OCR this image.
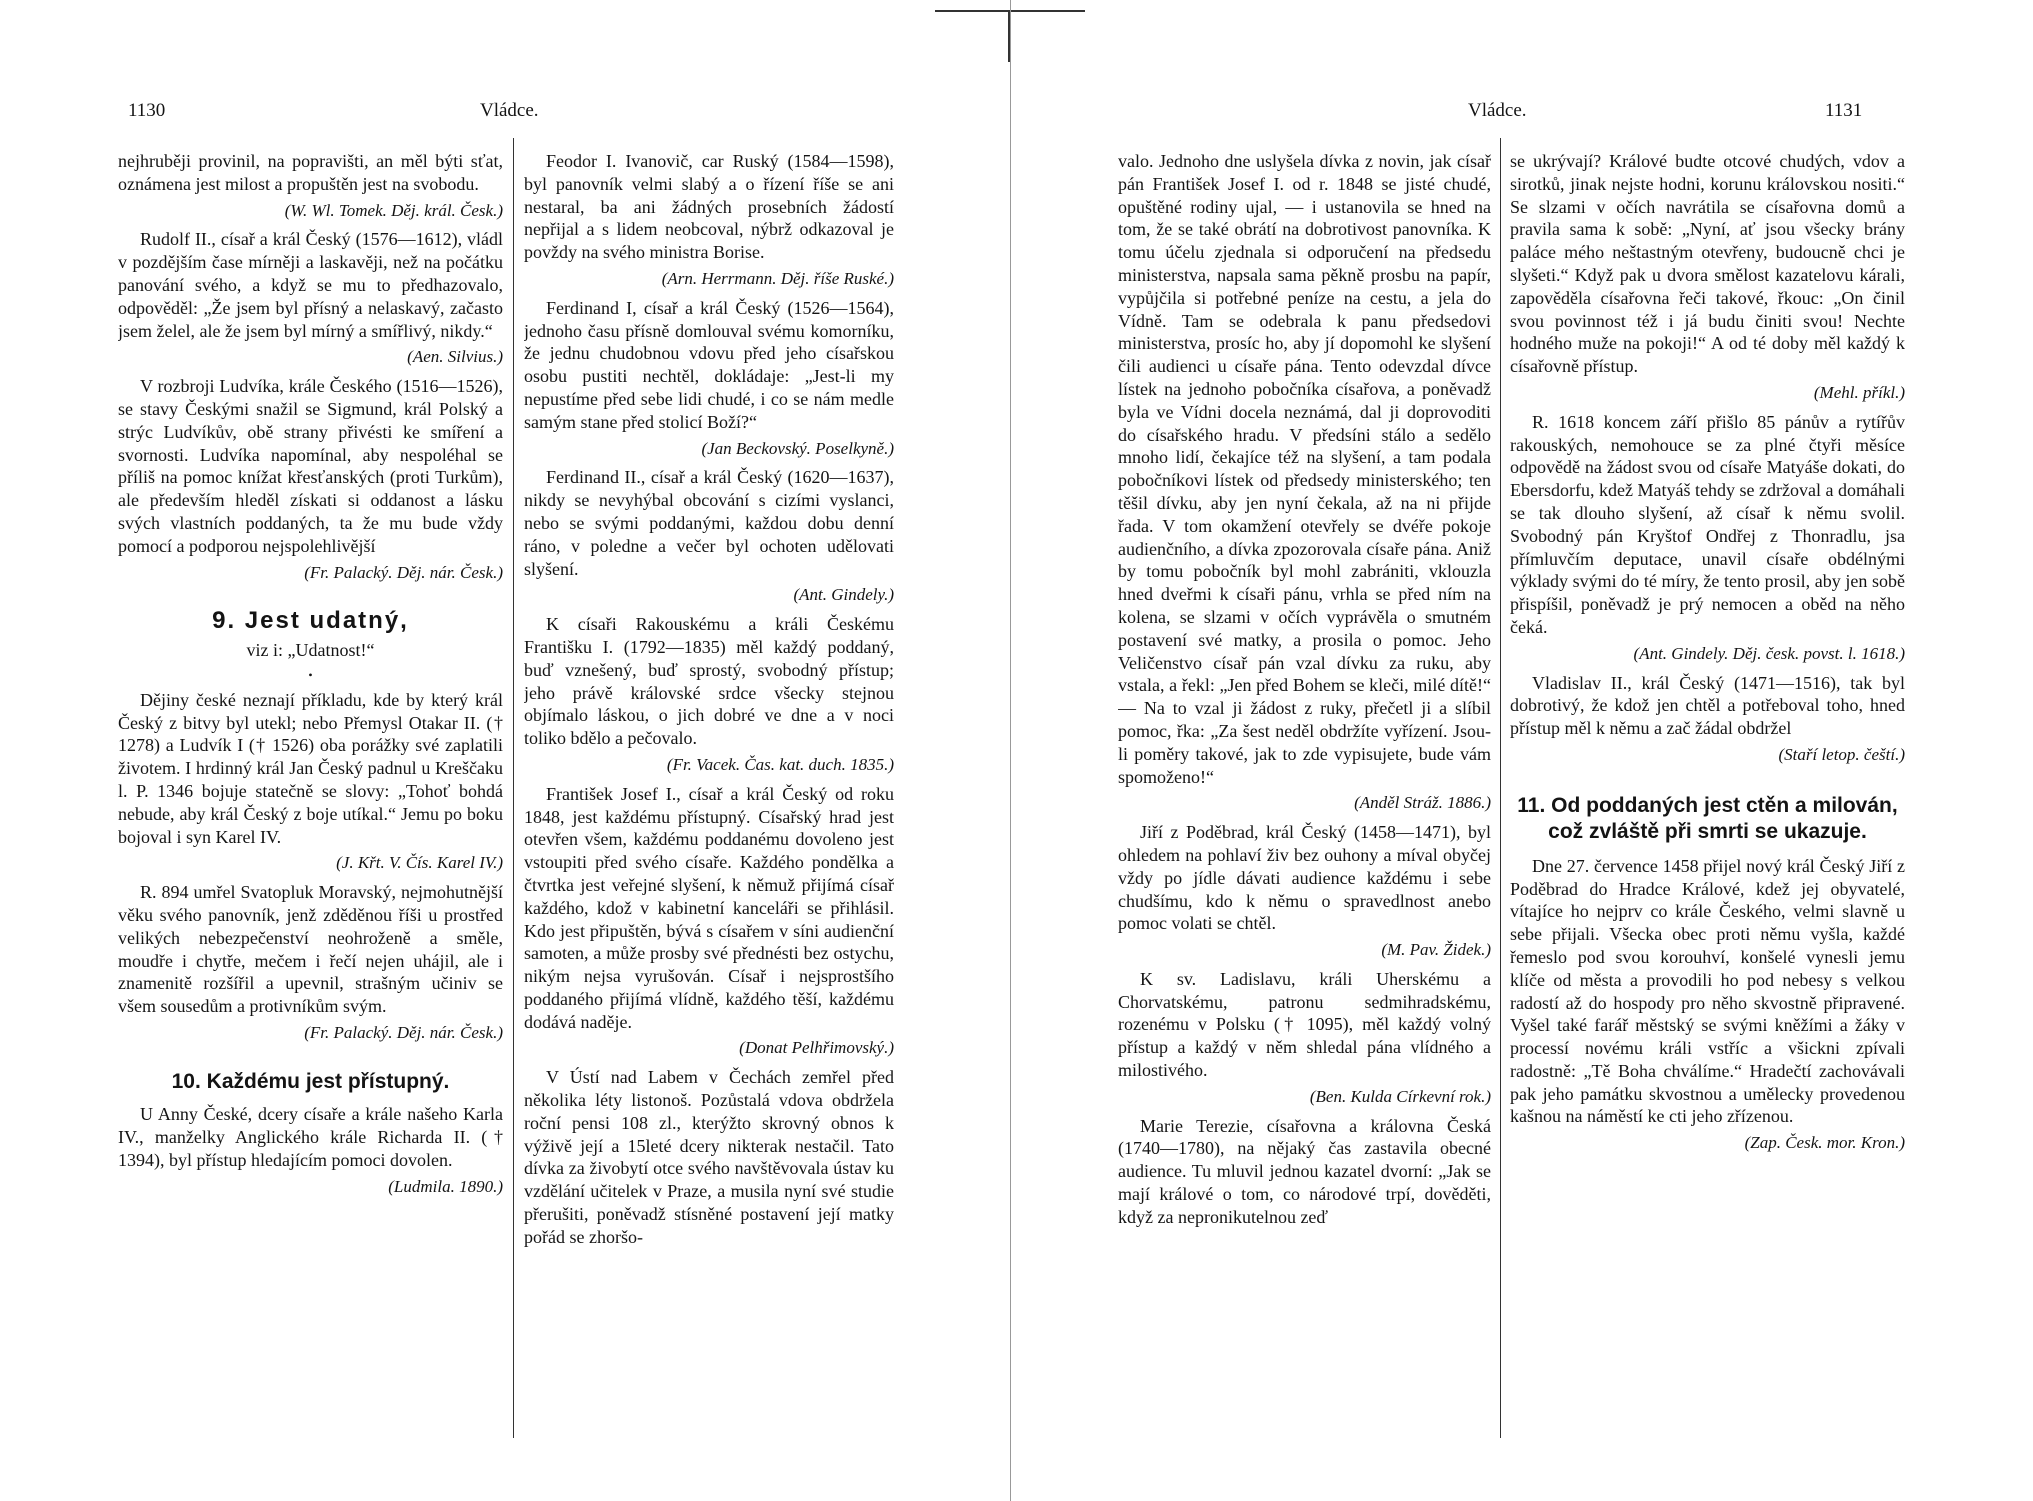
1130	Vládce.	Vládce.	1131

nejhruběji provinil, na popravišti, an měl býti sťat, oznámena jest milost a propuštěn jest na svobodu.

(W. Wl. Tomek. Děj. král. Česk.)

Rudolf II., císař a král Český (1576—1612), vládl v pozdějším čase mírněji a laskavěji, než na počátku panování svého, a když se mu to předhazovalo, odpověděl: „Že jsem byl přísný a nelaskavý, začasto jsem želel, ale že jsem byl mírný a smířlivý, nikdy.“

(Aen. Silvius.)

V rozbroji Ludvíka, krále Českého (1516—1526), se stavy Českými snažil se Sigmund, král Polský a strýc Ludvíkův, obě strany přivésti ke smíření a svornosti. Ludvíka napomínal, aby nespoléhal se příliš na pomoc knížat křesťanských (proti Turkům), ale především hleděl získati si oddanost a lásku svých vlastních poddaných, ta že mu bude vždy pomocí a podporou nejspolehlivější

(Fr. Palacký. Děj. nár. Česk.)

9. Jest udatný,

viz i: „Udatnost!“

•

Dějiny české neznají příkladu, kde by který král Český z bitvy byl utekl; nebo Přemysl Otakar II. († 1278) a Ludvík I († 1526) oba porážky své zaplatili životem. I hrdinný král Jan Český padnul u Kreščaku l. P. 1346 bojuje statečně se slovy: „Tohoť bohdá nebude, aby král Český z boje utíkal.“ Jemu po boku bojoval i syn Karel IV.

(J. Křt. V. Čís. Karel IV.)

R. 894 umřel Svatopluk Moravský, nejmohutnější věku svého panovník, jenž zděděnou říši u prostřed velikých nebezpečenství neohroženě a směle, moudře i chytře, mečem i řečí nejen uhájil, ale i znamenitě rozšířil a upevnil, strašným učiniv se všem sousedům a protivníkům svým.

(Fr. Palacký. Děj. nár. Česk.)

10. Každému jest přístupný.

U Anny České, dcery císaře a krále našeho Karla IV., manželky Anglického krále Richarda II. († 1394), byl přístup hledajícím pomoci dovolen.

(Ludmila. 1890.)

Feodor I. Ivanovič, car Ruský (1584—1598), byl panovník velmi slabý a o řízení říše se ani nestaral, ba ani žádných prosebních žádostí nepřijal a s lidem neobcoval, nýbrž odkazoval je povždy na svého ministra Borise.

(Arn. Herrmann. Děj. říše Ruské.)

Ferdinand I, císař a král Český (1526—1564), jednoho času přísně domlouval svému komorníku, že jednu chudobnou vdovu před jeho císařskou osobu pustiti nechtěl, dokládaje: „Jest-li my nepustíme před sebe lidi chudé, i co se nám medle samým stane před stolicí Boží?“

(Jan Beckovský. Poselkyně.)

Ferdinand II., císař a král Český (1620—1637), nikdy se nevyhýbal obcování s cizími vyslanci, nebo se svými poddanými, každou dobu denní ráno, v poledne a večer byl ochoten udělovati slyšení.

(Ant. Gindely.)

K císaři Rakouskému a králi Českému Františku I. (1792—1835) měl každý poddaný, buď vznešený, buď sprostý, svobodný přístup; jeho právě královské srdce všecky stejnou objímalo láskou, o jich dobré ve dne a v noci toliko bdělo a pečovalo.

(Fr. Vacek. Čas. kat. duch. 1835.)

František Josef I., císař a král Český od roku 1848, jest každému přístupný. Císařský hrad jest otevřen všem, každému poddanému dovoleno jest vstoupiti před svého císaře. Každého pondělka a čtvrtka jest veřejné slyšení, k němuž přijímá císař každého, kdož v kabinetní kanceláři se přihlásil. Kdo jest připuštěn, bývá s císařem v síni audienční samoten, a může prosby své přednésti bez ostychu, nikým nejsa vyrušován. Císař i nejsprostšího poddaného přijímá vlídně, každého těší, každému dodává naděje.

(Donat Pelhřimovský.)

V Ústí nad Labem v Čechách zemřel před několika léty listonoš. Pozůstalá vdova obdržela roční pensi 108 zl., kterýžto skrovný obnos k výživě její a 15leté dcery nikterak nestačil. Tato dívka za živobytí otce svého navštěvovala ústav ku vzdělání učitelek v Praze, a musila nyní své studie přerušiti, poněvadž stísněné postavení její matky pořád se zhoršo-

valo. Jednoho dne uslyšela dívka z novin, jak císař pán František Josef I. od r. 1848 se jisté chudé, opuštěné rodiny ujal, — i ustanovila se hned na tom, že se také obrátí na dobrotivost panovníka. K tomu účelu zjednala si odporučení na předsedu ministerstva, napsala sama pěkně prosbu na papír, vypůjčila si potřebné peníze na cestu, a jela do Vídně. Tam se odebrala k panu předsedovi ministerstva, prosíc ho, aby jí dopomohl ke slyšení čili audienci u císaře pána. Tento odevzdal dívce lístek na jednoho pobočníka císařova, a poněvadž byla ve Vídni docela neznámá, dal ji doprovoditi do císařského hradu. V předsíni stálo a sedělo mnoho lidí, čekajíce též na slyšení, a tam podala pobočníkovi lístek od předsedy ministerského; ten těšil dívku, aby jen nyní čekala, až na ni přijde řada. V tom okamžení otevřely se dvéře pokoje audienčního, a dívka zpozorovala císaře pána. Aniž by tomu pobočník byl mohl zabrániti, vklouzla hned dveřmi k císaři pánu, vrhla se před ním na kolena, se slzami v očích vyprávěla o smutném postavení své matky, a prosila o pomoc. Jeho Veličenstvo císař pán vzal dívku za ruku, aby vstala, a řekl: „Jen před Bohem se kleči, milé dítě!“ — Na to vzal ji žádost z ruky, přečetl ji a slíbil pomoc, řka: „Za šest neděl obdržíte vyřízení. Jsou-li poměry takové, jak to zde vypisujete, bude vám spomoženo!“

(Anděl Stráž. 1886.)

Jiří z Poděbrad, král Český (1458—1471), byl ohledem na pohlaví živ bez ouhony a míval obyčej vždy po jídle dávati audience každému i sebe chudšímu, kdo k němu o spravedlnost anebo pomoc volati se chtěl.

(M. Pav. Židek.)

K sv. Ladislavu, králi Uherskému a Chorvatskému, patronu sedmihradskému, rozenému v Polsku († 1095), měl každý volný přístup a každý v něm shledal pána vlídného a milostivého.

(Ben. Kulda Církevní rok.)

Marie Terezie, císařovna a královna Česká (1740—1780), na nějaký čas zastavila obecné audience. Tu mluvil jednou kazatel dvorní: „Jak se mají králové o tom, co národové trpí, dověděti, když za nepronikutelnou zeď

se ukrývají? Králové budte otcové chudých, vdov a sirotků, jinak nejste hodni, korunu královskou nositi.“ Se slzami v očích navrátila se císařovna domů a pravila sama k sobě: „Nyní, ať jsou všecky brány paláce mého neštastným otevřeny, budoucně chci je slyšeti.“ Když pak u dvora smělost kazatelovu kárali, zapověděla císařovna řeči takové, řkouc: „On činil svou povinnost též i já budu činiti svou! Nechte hodného muže na pokoji!“ A od té doby měl každý k císařovně přístup.

(Mehl. příkl.)

R. 1618 koncem září přišlo 85 pánův a rytířův rakouských, nemohouce se za plné čtyři měsíce odpovědě na žádost svou od císaře Matyáše dokati, do Ebersdorfu, kdež Matyáš tehdy se zdržoval a domáhali se tak dlouho slyšení, až císař k němu svolil. Svobodný pán Kryštof Ondřej z Thonradlu, jsa přímluvčím deputace, unavil císaře obdélnými výklady svými do té míry, že tento prosil, aby jen sobě přispíšil, poněvadž je prý nemocen a oběd na něho čeká.

(Ant. Gindely. Děj. česk. povst. l. 1618.)

Vladislav II., král Český (1471—1516), tak byl dobrotivý, že kdož jen chtěl a potřeboval toho, hned přístup měl k němu a zač žádal obdržel

(Staří letop. čeští.)

11. Od poddaných jest ctěn a milován, což zvláště při smrti se ukazuje.

Dne 27. července 1458 přijel nový král Český Jiří z Poděbrad do Hradce Králové, kdež jej obyvatelé, vítajíce ho nejprv co krále Českého, velmi slavně u sebe přijali. Všecka obec proti němu vyšla, každé řemeslo pod svou korouhví, konšelé vynesli jemu klíče od města a provodili ho pod nebesy s velkou radostí až do hospody pro něho skvostně připravené. Vyšel také farář městský se svými kněžími a žáky v processí novému králi vstříc a všickni zpívali radostně: „Tě Boha chválíme.“ Hradečtí zachovávali pak jeho památku skvostnou a umělecky provedenou kašnou na náměstí ke cti jeho zřízenou.

(Zap. Česk. mor. Kron.)
